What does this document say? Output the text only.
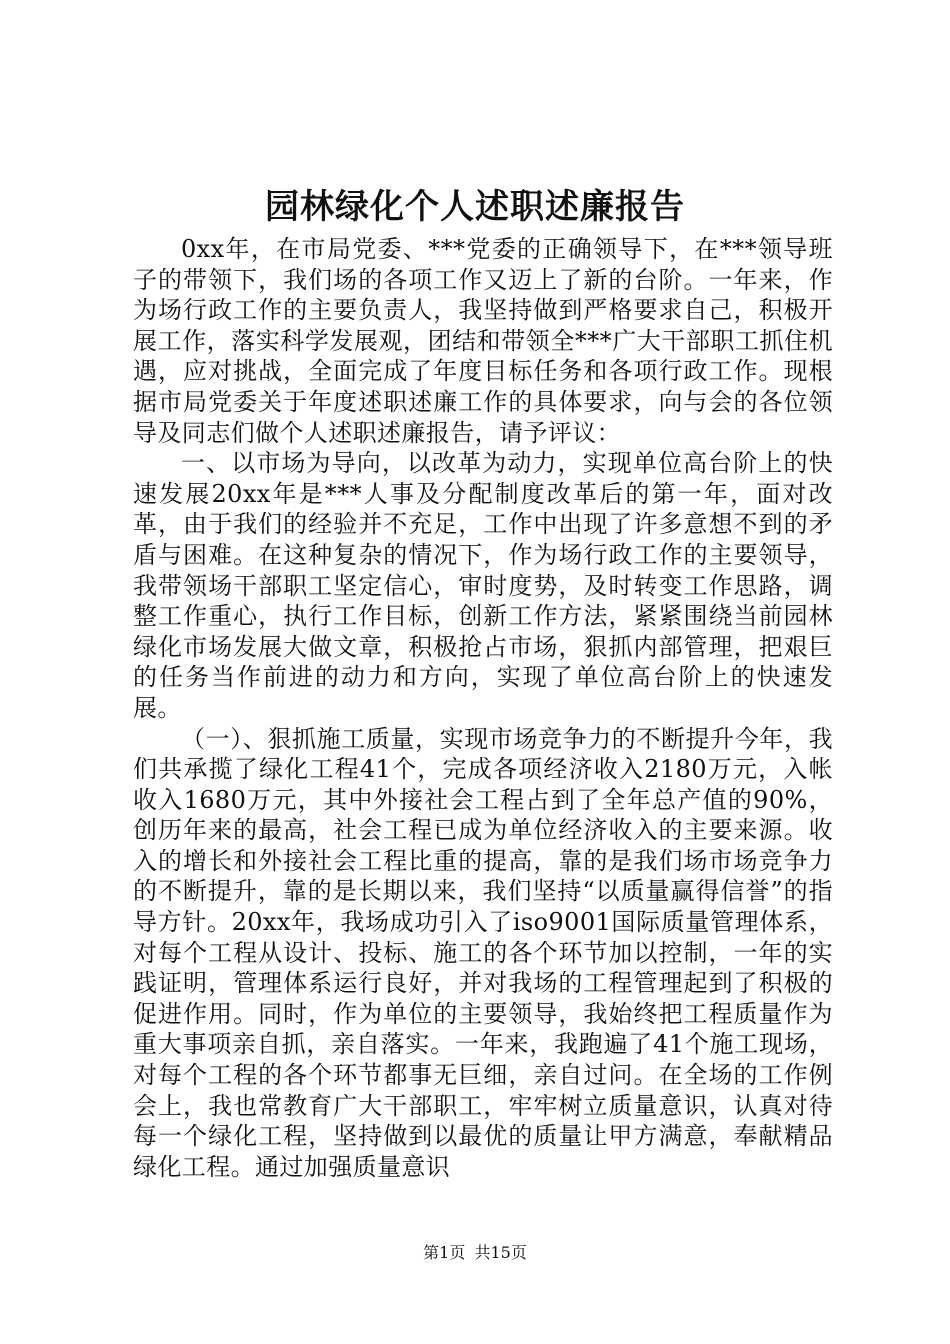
园林绿化个人述职述廉报告

0xx年，在市局党委、***党委的正确领导下，在***领导班子的带领下，我们场的各项工作又迈上了新的台阶。一年来，作为场行政工作的主要负责人，我坚持做到严格要求自己，积极开展工作，落实科学发展观，团结和带领全***广大干部职工抓住机遇，应对挑战，全面完成了年度目标任务和各项行政工作。现根据市局党委关于年度述职述廉工作的具体要求，向与会的各位领导及同志们做个人述职述廉报告，请予评议：

一、以市场为导向，以改革为动力，实现单位高台阶上的快速发展20xx年是***人事及分配制度改革后的第一年，面对改革，由于我们的经验并不充足，工作中出现了许多意想不到的矛盾与困难。在这种复杂的情况下，作为场行政工作的主要领导，我带领场干部职工坚定信心，审时度势，及时转变工作思路，调整工作重心，执行工作目标，创新工作方法，紧紧围绕当前园林绿化市场发展大做文章，积极抢占市场，狠抓内部管理，把艰巨的任务当作前进的动力和方向，实现了单位高台阶上的快速发展。

（一）、狠抓施工质量，实现市场竞争力的不断提升今年，我们共承揽了绿化工程41个，完成各项经济收入2180万元，入帐收入1680万元，其中外接社会工程占到了全年总产值的90%，创历年来的最高，社会工程已成为单位经济收入的主要来源。收入的增长和外接社会工程比重的提高，靠的是我们场市场竞争力的不断提升，靠的是长期以来，我们坚持“以质量赢得信誉”的指导方针。20xx年，我场成功引入了iso9001国际质量管理体系，对每个工程从设计、投标、施工的各个环节加以控制，一年的实践证明，管理体系运行良好，并对我场的工程管理起到了积极的促进作用。同时，作为单位的主要领导，我始终把工程质量作为重大事项亲自抓，亲自落实。一年来，我跑遍了41个施工现场，对每个工程的各个环节都事无巨细，亲自过问。在全场的工作例会上，我也常教育广大干部职工，牢牢树立质量意识，认真对待每一个绿化工程，坚持做到以最优的质量让甲方满意，奉献精品绿化工程。通过加强质量意识

第1页 共15页
